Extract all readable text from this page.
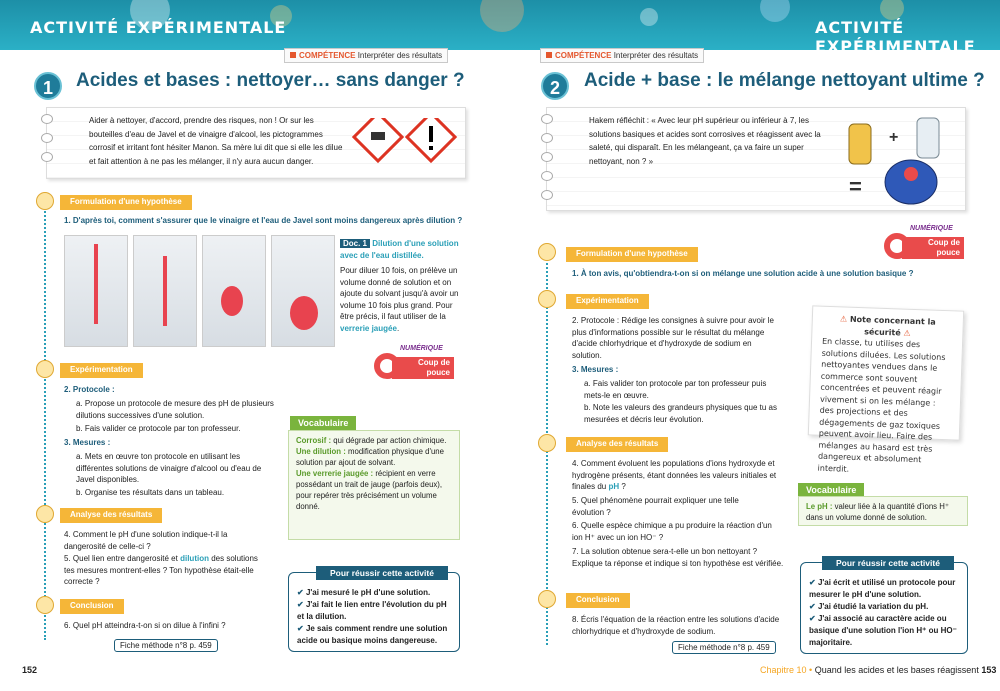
ACTIVITÉ EXPÉRIMENTALE	ACTIVITÉ EXPÉRIMENTALE
COMPÉTENCE Interpréter des résultats
1	Acides et bases : nettoyer… sans danger ?
Aider à nettoyer, d'accord, prendre des risques, non ! Or sur les bouteilles d'eau de Javel et de vinaigre d'alcool, les pictogrammes corrosif et irritant font hésiter Manon. Sa mère lui dit que si elle les dilue et fait attention à ne pas les mélanger, il n'y aura aucun danger.
Formulation d'une hypothèse
1. D'après toi, comment s'assurer que le vinaigre et l'eau de Javel sont moins dangereux après dilution ?
Doc. 1 Dilution d'une solution avec de l'eau distillée.
Pour diluer 10 fois, on prélève un volume donné de solution et on ajoute du solvant jusqu'à avoir un volume 10 fois plus grand. Pour être précis, il faut utiliser de la verrerie jaugée.
Coup de pouce
NUMÉRIQUE
Expérimentation
2. Protocole :
a. Propose un protocole de mesure des pH de plusieurs dilutions successives d'une solution.
b. Fais valider ce protocole par ton professeur.
3. Mesures :
a. Mets en œuvre ton protocole en utilisant les différentes solutions de vinaigre d'alcool ou d'eau de Javel disponibles.
b. Organise tes résultats dans un tableau.
Analyse des résultats
4. Comment le pH d'une solution indique-t-il la dangerosité de celle-ci ?
5. Quel lien entre dangerosité et dilution des solutions tes mesures montrent-elles ? Ton hypothèse était-elle correcte ?
Conclusion
6. Quel pH atteindra-t-on si on dilue à l'infini ?
Fiche méthode n°8 p. 459
Vocabulaire
Corrosif : qui dégrade par action chimique.
Une dilution : modification physique d'une solution par ajout de solvant.
Une verrerie jaugée : récipient en verre possédant un trait de jauge (parfois deux), pour repérer très précisément un volume donné.
✔ J'ai mesuré le pH d'une solution.
✔ J'ai fait le lien entre l'évolution du pH et la dilution.
✔ Je sais comment rendre une solution acide ou basique moins dangereuse.
Pour réussir cette activité
152
COMPÉTENCE Interpréter des résultats
2	Acide + base : le mélange nettoyant ultime ?
Hakem réfléchit : « Avec leur pH supérieur ou inférieur à 7, les solutions basiques et acides sont corrosives et réagissent avec la saleté, qui disparaît. En les mélangeant, ça va faire un super nettoyant, non ? »
+
=
Coup de pouce
NUMÉRIQUE
Formulation d'une hypothèse
1. À ton avis, qu'obtiendra-t-on si on mélange une solution acide à une solution basique ?
Expérimentation
2. Protocole : Rédige les consignes à suivre pour avoir le plus d'informations possible sur le résultat du mélange d'acide chlorhydrique et d'hydroxyde de sodium en solution.
3. Mesures :
a. Fais valider ton protocole par ton professeur puis mets-le en œuvre.
b. Note les valeurs des grandeurs physiques que tu as mesurées et décris leur évolution.
Analyse des résultats
4. Comment évoluent les populations d'ions hydroxyde et hydrogène présents, étant données les valeurs initiales et finales du pH ?
5. Quel phénomène pourrait expliquer une telle évolution ?
6. Quelle espèce chimique a pu produire la réaction d'un ion H⁺ avec un ion HO⁻ ?
7. La solution obtenue sera-t-elle un bon nettoyant ? Explique ta réponse et indique si ton hypothèse est vérifiée.
Conclusion
8. Écris l'équation de la réaction entre les solutions d'acide chlorhydrique et d'hydroxyde de sodium.
Fiche méthode n°8 p. 459
⚠ Note concernant la sécurité ⚠
En classe, tu utilises des solutions diluées. Les solutions nettoyantes vendues dans le commerce sont souvent concentrées et peuvent réagir vivement si on les mélange : des projections et des dégagements de gaz toxiques peuvent avoir lieu. Faire des mélanges au hasard est très dangereux et absolument interdit.
Vocabulaire
Le pH : valeur liée à la quantité d'ions H⁺ dans un volume donné de solution.
✔ J'ai écrit et utilisé un protocole pour mesurer le pH d'une solution.
✔ J'ai étudié la variation du pH.
✔ J'ai associé au caractère acide ou basique d'une solution l'ion H⁺ ou HO⁻ majoritaire.
Pour réussir cette activité
Chapitre 10 • Quand les acides et les bases réagissent 153
